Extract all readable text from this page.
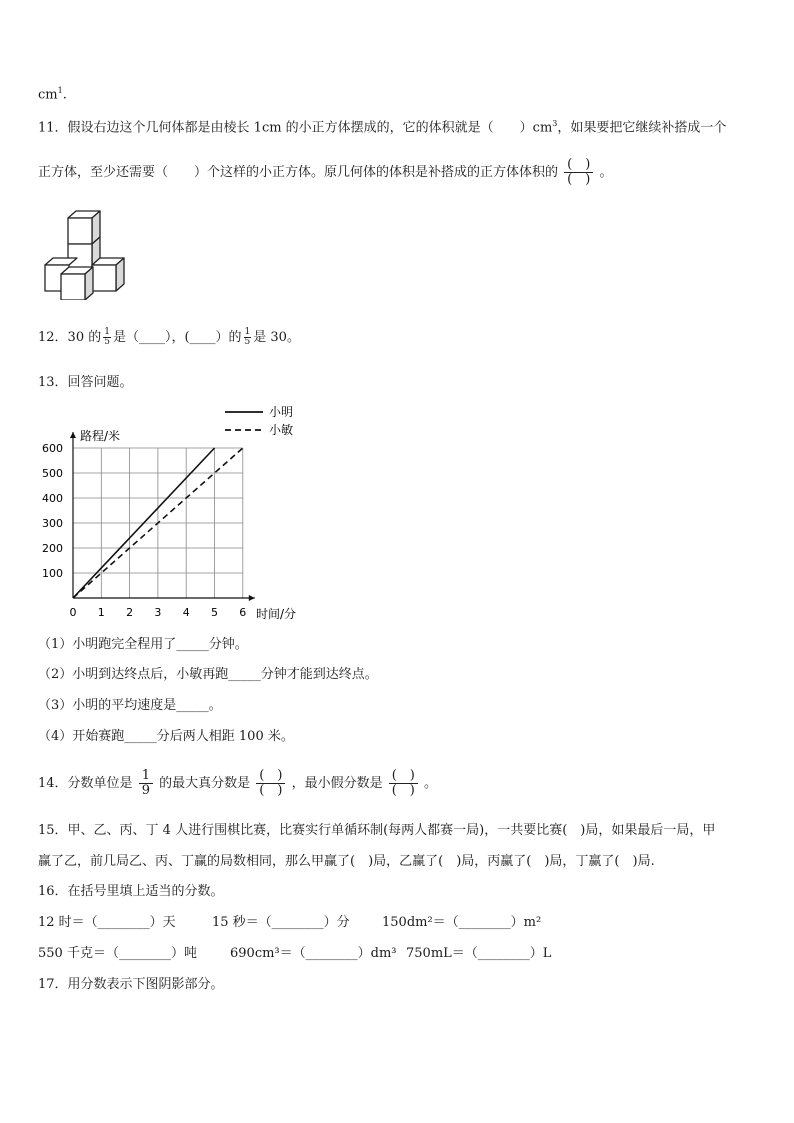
$cm^1$.
11．假设右边这个几何体都是由棱长 1cm 的小正方体摆成的，它的体积就是（　　）$cm^3$，如果要把它继续补搭成一个
正方体，至少还需要（　　）个这样的小正方体。原几何体的体积是补搭成的正方体体积的 $\frac{( )}{( )}$ 。
12．30 的 $\frac{1}{5}$ 是（____），(____）的 $\frac{1}{5}$ 是 30。
13．回答问题。
0 1 2 3 4 5 6
100
200
300
400
500
600
小明
小敏
路程/米
时间/分
（1）小明跑完全程用了_____分钟。
（2）小明到达终点后，小敏再跑_____分钟才能到达终点。
（3）小明的平均速度是_____。
（4）开始赛跑_____分后两人相距 100 米。
14．分数单位是 $\frac{1}{9}$ 的最大真分数是 $\frac{( )}{( )}$ ，最小假分数是 $\frac{( )}{( )}$ 。
15．甲、乙、丙、丁 4 人进行围棋比赛，比赛实行单循环制(每两人都赛一局)，一共要比赛(　)局，如果最后一局，甲
赢了乙，前几局乙、丙、丁赢的局数相同，那么甲赢了(　)局，乙赢了(　)局，丙赢了(　)局，丁赢了(　)局.
16．在括号里填上适当的分数。
12 时＝（________）天	15 秒＝（________）分 150dm²＝（________）m²
550 千克＝（________）吨	690cm³＝（________）dm³ 750mL＝（________）L
17．用分数表示下图阴影部分。
